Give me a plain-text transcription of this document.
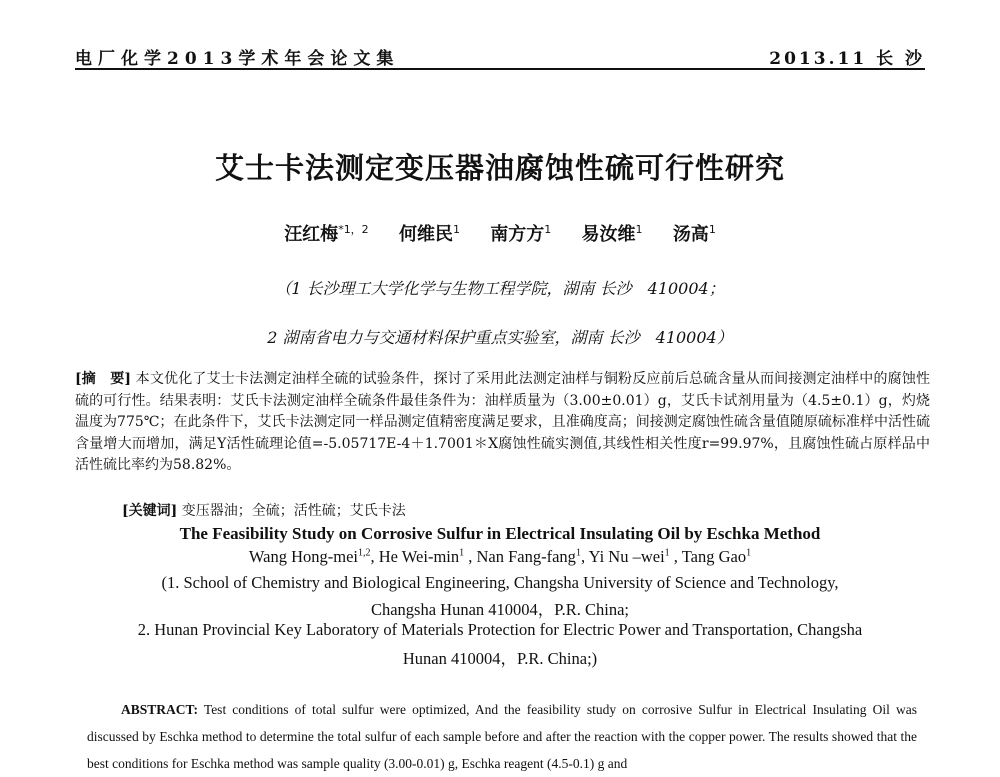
电厂化学2013学术年会论文集	2013.11 长 沙
艾士卡法测定变压器油腐蚀性硫可行性研究
汪红梅$^{*1,2}$ 何维民$^1$ 南方方$^1$ 易汝维$^1$ 汤高$^1$
（1 长沙理工大学化学与生物工程学院，湖南 长沙　410004；
2 湖南省电力与交通材料保护重点实验室，湖南 长沙　410004）
[摘　要] 本文优化了艾士卡法测定油样全硫的试验条件，探讨了采用此法测定油样与铜粉反应前后总硫含量从而间接测定油样中的腐蚀性硫的可行性。结果表明：艾氏卡法测定油样全硫条件最佳条件为：油样质量为（3.00±0.01）g，艾氏卡试剂用量为（4.5±0.1）g，灼烧温度为775℃；在此条件下，艾氏卡法测定同一样品测定值精密度满足要求，且准确度高；间接测定腐蚀性硫含量值随原硫标准样中活性硫含量增大而增加，满足Y活性硫理论值=-5.05717E-4＋1.7001＊X腐蚀性硫实测值,其线性相关性度r=99.97%，且腐蚀性硫占原样品中活性硫比率约为58.82%。
[关键词] 变压器油；全硫；活性硫；艾氏卡法
The Feasibility Study on Corrosive Sulfur in Electrical Insulating Oil by Eschka Method
Wang Hong-mei$^{1,2}$, He Wei-$\min^1$ , Nan Fang-fang$^1$, Yi Nu –wei$^1$ , Tang Gao$^1$
(1. School of Chemistry and Biological Engineering, Changsha University of Science and Technology,
Changsha Hunan 410004，P.R. China;
2. Hunan Provincial Key Laboratory of Materials Protection for Electric Power and Transportation, Changsha
Hunan 410004，P.R. China;)
ABSTRACT: Test conditions of total sulfur were optimized, And the feasibility study on corrosive Sulfur in Electrical Insulating Oil was discussed by Eschka method to determine the total sulfur of each sample before and after the reaction with the copper power. The results showed that the best conditions for Eschka method was sample quality (3.00-0.01) g, Eschka reagent (4.5-0.1) g and
